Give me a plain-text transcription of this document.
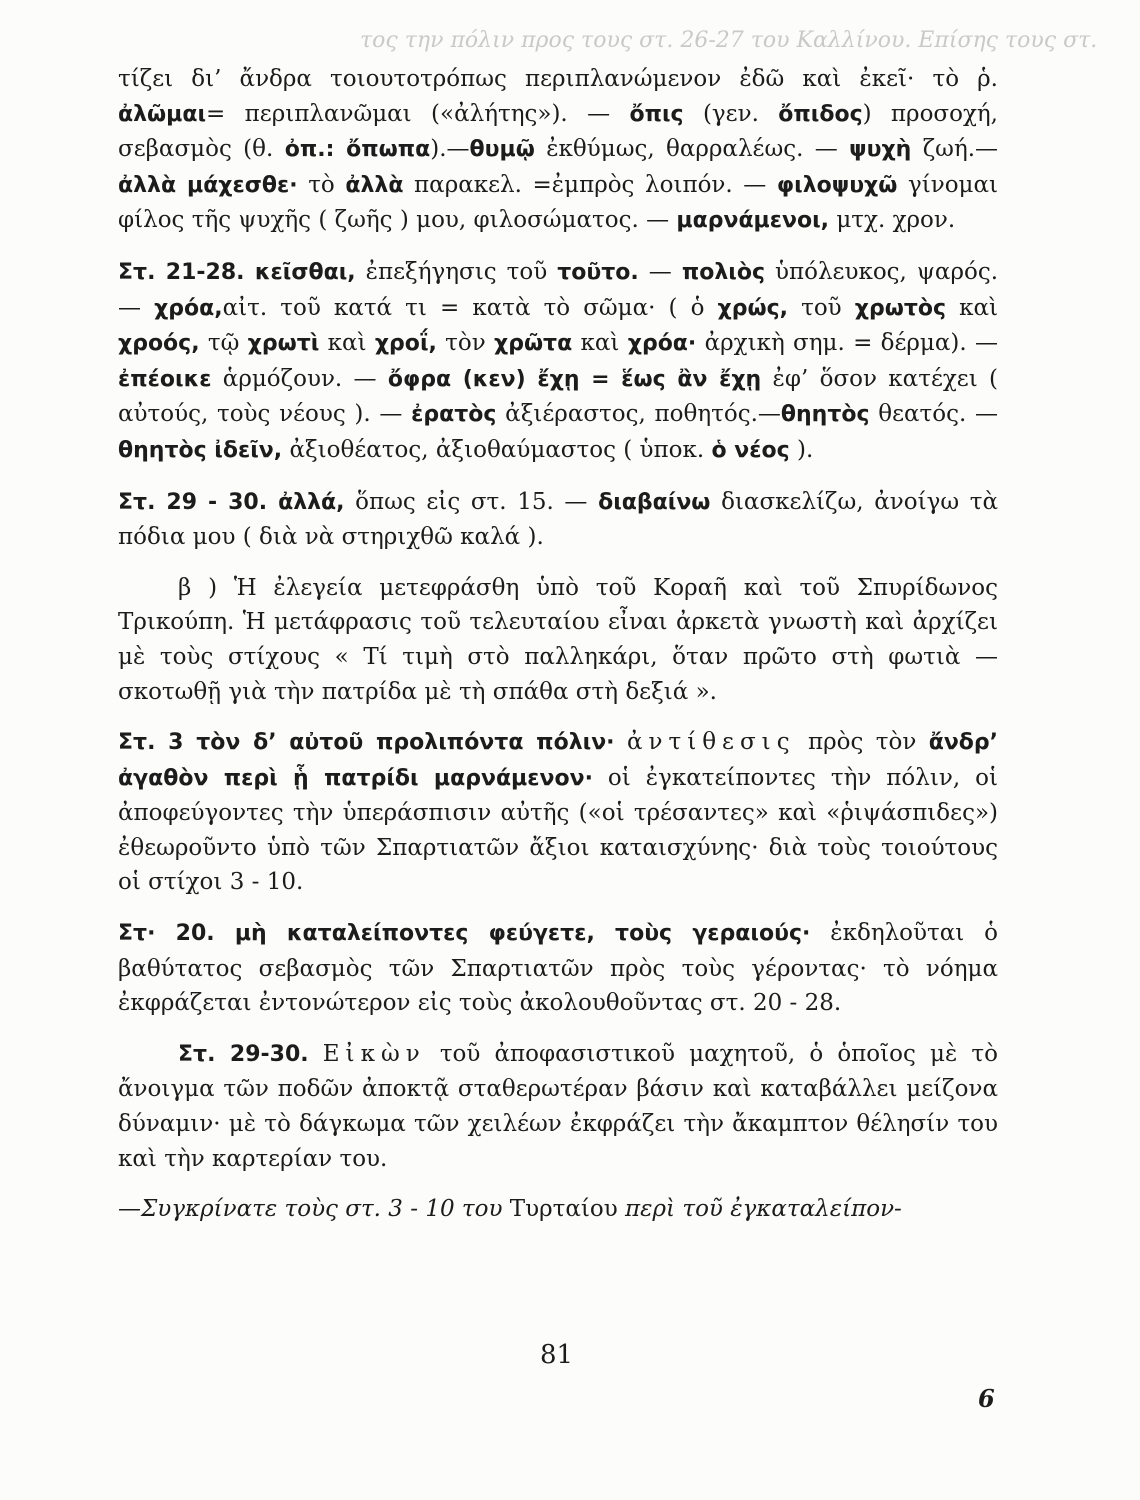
τος την πόλιν προς τους στ. 26-27 του Καλλίνου. Επίσης τους στ.

τίζει δι’ ἄνδρα τοιουτοτρόπως περιπλανώμενον ἐδῶ καὶ ἐκεῖ· τὸ ῥ. ἀλῶμαι= περιπλανῶμαι («ἀλήτης»). — ὄπις (γεν. ὄπιδος) προσοχή, σεβασμὸς (θ. ὀπ.: ὄπωπα).—θυμῷ ἐκθύμως, θαρραλέως. — ψυχὴ ζωή.— ἀλλὰ μάχεσθε· τὸ ἀλλὰ παρακελ. =ἐμπρὸς λοιπόν. — φιλοψυχῶ γίνομαι φίλος τῆς ψυχῆς ( ζωῆς ) μου, φιλοσώματος. — μαρνάμενοι, μτχ. χρον.

Στ. 21-28. κεῖσθαι, ἐπεξήγησις τοῦ τοῦτο. — πολιὸς ὑπόλευκος, ψαρός. — χρόα,αἰτ. τοῦ κατά τι = κατὰ τὸ σῶμα· ( ὁ χρώς, τοῦ χρωτὸς καὶ χροός, τῷ χρωτὶ καὶ χροΐ, τὸν χρῶτα καὶ χρόα· ἀρχικὴ σημ. = δέρμα). — ἐπέοικε ἁρμόζουν. — ὄφρα (κεν) ἔχῃ = ἕως ἂν ἔχῃ ἐφ’ ὅσον κατέχει ( αὐτούς, τοὺς νέους ). — ἐρατὸς ἀξιέραστος, ποθητός.—θηητὸς θεατός. — θηητὸς ἰδεῖν, ἀξιοθέατος, ἀξιοθαύμαστος ( ὑποκ. ὁ νέος ).

Στ. 29 - 30. ἀλλά, ὅπως εἰς στ. 15. — διαβαίνω διασκελίζω, ἀνοίγω τὰ πόδια μου ( διὰ νὰ στηριχθῶ καλά ).

β ) Ἡ ἐλεγεία μετεφράσθη ὑπὸ τοῦ Κοραῆ καὶ τοῦ Σπυρίδωνος Τρικούπη. Ἡ μετάφρασις τοῦ τελευταίου εἶναι ἀρκετὰ γνωστὴ καὶ ἀρχίζει μὲ τοὺς στίχους « Τί τιμὴ στὸ παλληκάρι, ὅταν πρῶτο στὴ φωτιὰ — σκοτωθῇ γιὰ τὴν πατρίδα μὲ τὴ σπάθα στὴ δεξιά ».

Στ. 3 τὸν δ’ αὐτοῦ προλιπόντα πόλιν· ἀντίθεσις πρὸς τὸν ἄνδρ’ ἀγαθὸν περὶ ᾗ πατρίδι μαρνάμενον· οἱ ἐγκατείποντες τὴν πόλιν, οἱ ἀποφεύγοντες τὴν ὑπεράσπισιν αὐτῆς («οἱ τρέσαντες» καὶ «ῥιψάσπιδες») ἐθεωροῦντο ὑπὸ τῶν Σπαρτιατῶν ἄξιοι καταισχύνης· διὰ τοὺς τοιούτους οἱ στίχοι 3 - 10.

Στ· 20. μὴ καταλείποντες φεύγετε, τοὺς γεραιούς· ἐκδηλοῦται ὁ βαθύτατος σεβασμὸς τῶν Σπαρτιατῶν πρὸς τοὺς γέροντας· τὸ νόημα ἐκφράζεται ἐντονώτερον εἰς τοὺς ἀκολουθοῦντας στ. 20 - 28.

Στ. 29-30. Εἰκὼν τοῦ ἀποφασιστικοῦ μαχητοῦ, ὁ ὁποῖος μὲ τὸ ἄνοιγμα τῶν ποδῶν ἀποκτᾷ σταθερωτέραν βάσιν καὶ καταβάλλει μείζονα δύναμιν· μὲ τὸ δάγκωμα τῶν χειλέων ἐκφράζει τὴν ἄκαμπτον θέλησίν του καὶ τὴν καρτερίαν του.

—Συγκρίνατε τοὺς στ. 3 - 10 του Τυρταίου περὶ τοῦ ἐγκαταλείπον-

81
6
